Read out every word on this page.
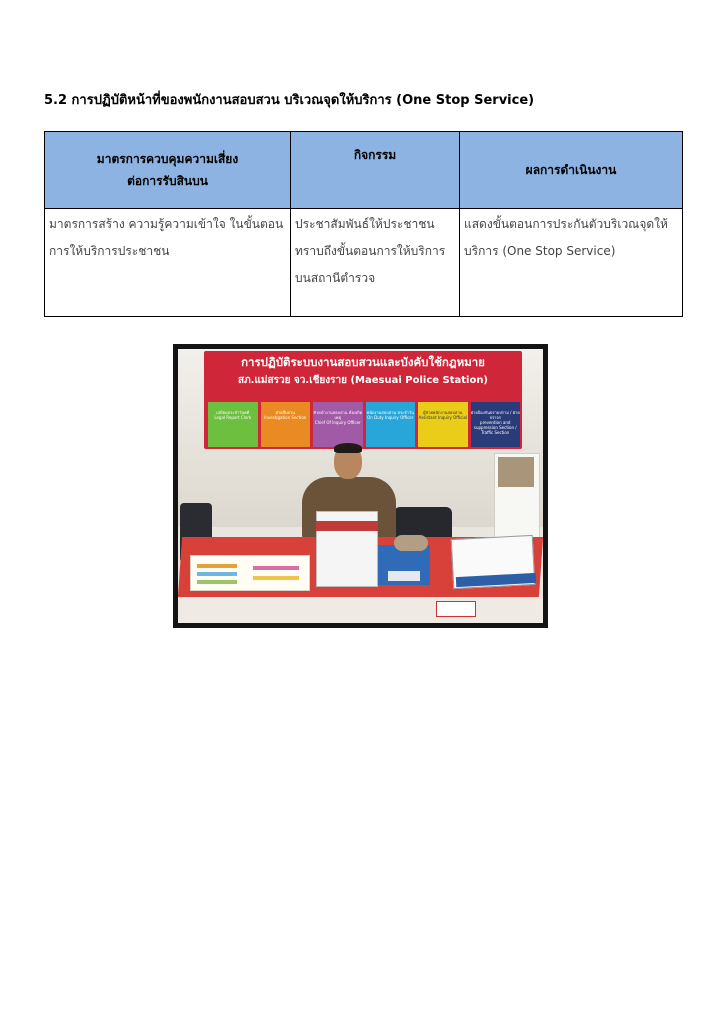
5.2 การปฏิบัติหน้าที่ของพนักงานสอบสวน บริเวณจุดให้บริการ (One Stop Service)
มาตรการควบคุมความเสี่ยง
ต่อการรับสินบน	กิจกรรม	ผลการดำเนินงาน
มาตรการสร้าง ความรู้ความเข้าใจ ในขั้นตอนการให้บริการประชาชน	ประชาสัมพันธ์ให้ประชาชนทราบถึงขั้นตอนการให้บริการบนสถานีตำรวจ	แสดงขั้นตอนการประกันตัวบริเวณจุดให้บริการ (One Stop Service)
การปฏิบัติระบบงานสอบสวนและบังคับใช้กฎหมาย
สภ.แม่สรวย จว.เชียงราย (Maesuai Police Station)
เสมียนประจำวันคดี
Legal Report Clerk
ฝ่ายสืบสวน
Investigation Section
หัวหน้างานสอบสวน ห้องเกิดเหตุ
Chief Of Inquiry Officer
พนักงานสอบสวน ประจำวัน
On Duty Inquiry Officer
ผู้ช่วยพนักงานสอบสวน
Assistant Inquiry Official
ฝ่ายป้องกันปราบปราม / ฝ่ายจราจร
prevention and suppression Section / Traffic Section
